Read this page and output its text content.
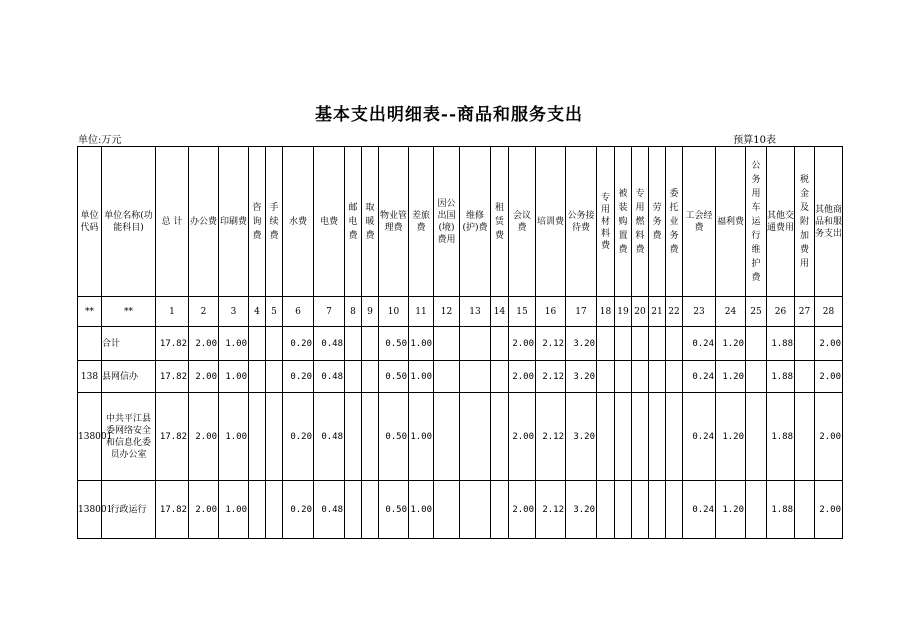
基本支出明细表--商品和服务支出
单位:万元	预算10表
单位代码	单位名称(功能科目)	总 计	办公费	印刷费	咨询费	手续费	水费	电费	邮电费	取暖费	物业管理费	差旅费	因公出国(境)费用	维修(护)费	租赁费	会议费	培训费	公务接待费	专用材料费	被装购置费	专用燃料费	劳务费	委托业务费	工会经费	福利费	公务用车运行维护费	其他交通费用	税金及附加费用	其他商品和服务支出
**	**	1	2	3	4	5	6	7	8	9	10	11	12	13	14	15	16	17	18	19	20	21	22	23	24	25	26	27	28
	合计	17.82	2.00	1.00			0.20	0.48			0.50	1.00				2.00	2.12	3.20						0.24	1.20		1.88		2.00
138	县网信办	17.82	2.00	1.00			0.20	0.48			0.50	1.00				2.00	2.12	3.20						0.24	1.20		1.88		2.00
138001	中共平江县委网络安全和信息化委员办公室	17.82	2.00	1.00			0.20	0.48			0.50	1.00				2.00	2.12	3.20						0.24	1.20		1.88		2.00
138001	行政运行	17.82	2.00	1.00			0.20	0.48			0.50	1.00				2.00	2.12	3.20						0.24	1.20		1.88		2.00
